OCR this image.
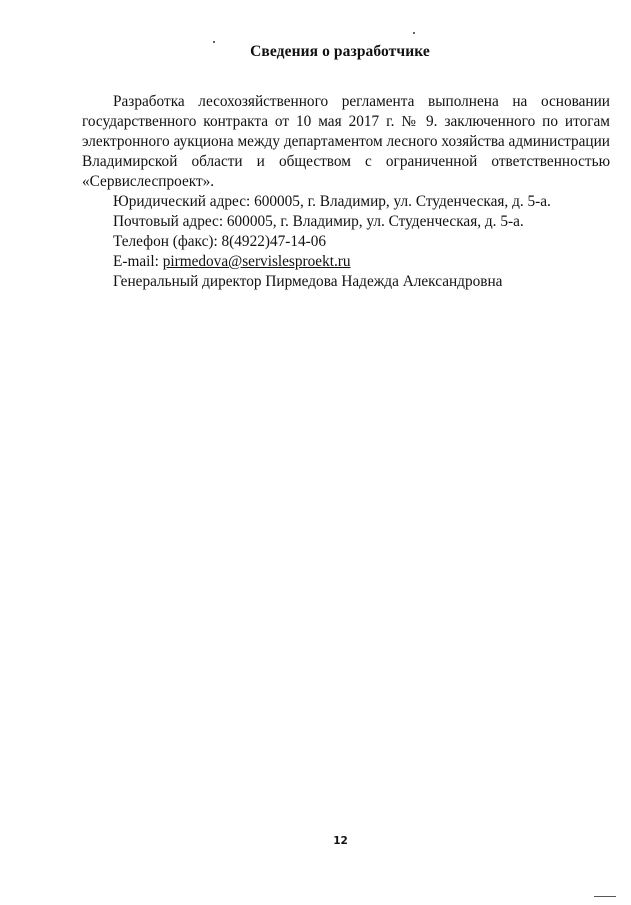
Сведения о разработчике

Разработка лесохозяйственного регламента выполнена на основании государственного контракта от 10 мая 2017 г. № 9. заключенного по итогам электронного аукциона между департаментом лесного хозяйства администрации Владимирской области и обществом с ограниченной ответственностью «Сервислеспроект».

Юридический адрес: 600005, г. Владимир, ул. Студенческая, д. 5-а.

Почтовый адрес: 600005, г. Владимир, ул. Студенческая, д. 5-а.

Телефон (факс): 8(4922)47-14-06

E-mail: pirmedova@servislesproekt.ru

Генеральный директор Пирмедова Надежда Александровна

12
